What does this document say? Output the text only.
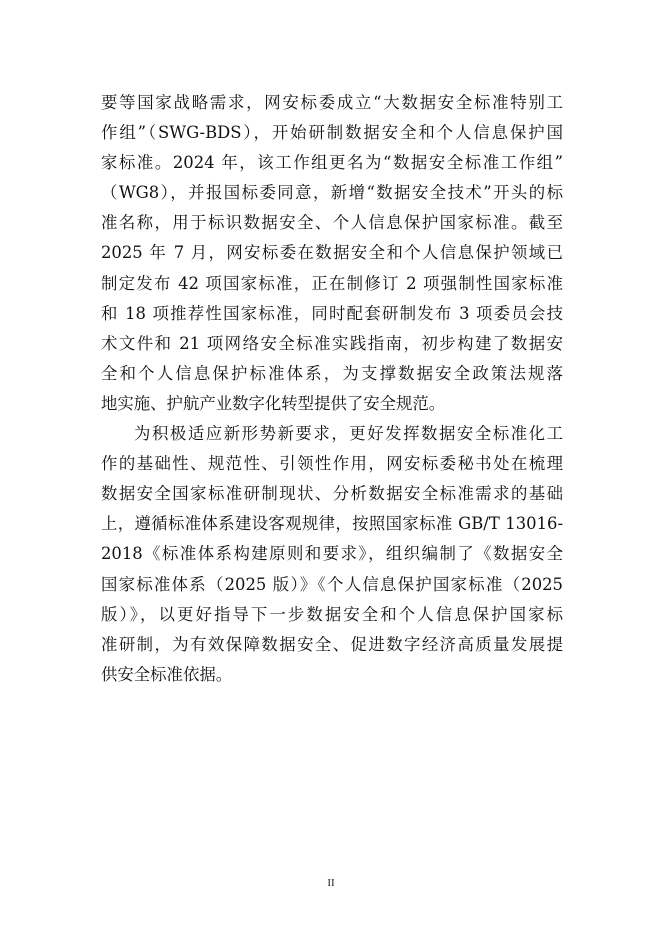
要等国家战略需求，网安标委成立“大数据安全标准特别工
作组”（SWG-BDS），开始研制数据安全和个人信息保护国
家标准。2024 年，该工作组更名为“数据安全标准工作组”
（WG8），并报国标委同意，新增“数据安全技术”开头的标
准名称，用于标识数据安全、个人信息保护国家标准。截至
2025 年 7 月，网安标委在数据安全和个人信息保护领域已
制定发布 42 项国家标准，正在制修订 2 项强制性国家标准
和 18 项推荐性国家标准，同时配套研制发布 3 项委员会技
术文件和 21 项网络安全标准实践指南，初步构建了数据安
全和个人信息保护标准体系，为支撑数据安全政策法规落
地实施、护航产业数字化转型提供了安全规范。
为积极适应新形势新要求，更好发挥数据安全标准化工
作的基础性、规范性、引领性作用，网安标委秘书处在梳理
数据安全国家标准研制现状、分析数据安全标准需求的基础
上，遵循标准体系建设客观规律，按照国家标准 GB/T 13016-
2018《标准体系构建原则和要求》，组织编制了《数据安全
国家标准体系（2025 版）》《个人信息保护国家标准（2025
版）》，以更好指导下一步数据安全和个人信息保护国家标
准研制，为有效保障数据安全、促进数字经济高质量发展提
供安全标准依据。
II
